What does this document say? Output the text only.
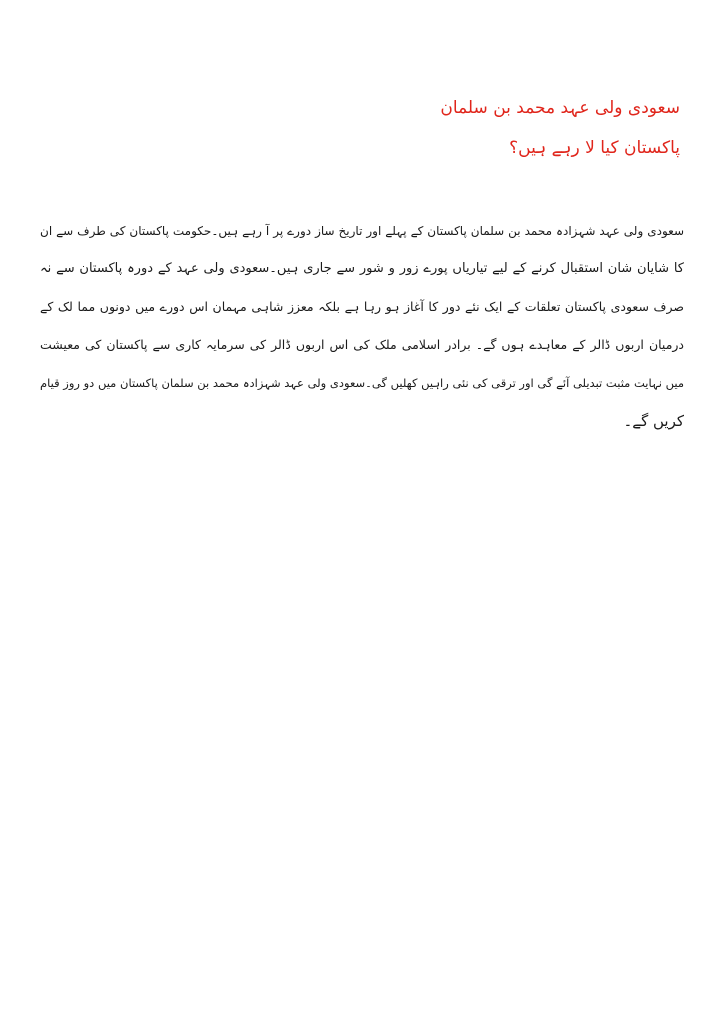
سعودی ولی عہد محمد بن سلمان
پاکستان کیا لا رہے ہیں؟
سعودی ولی عہد شہزادہ محمد بن سلمان پاکستان کے پہلے اور تاریخ ساز دورے پر آ رہے ہیں۔حکومت پاکستان کی طرف سے ان
کا شایان شان استقبال کرنے کے لیے تیاریاں پورے زور و شور سے جاری ہیں۔سعودی ولی عہد کے دورہ پاکستان سے نہ
صرف سعودی پاکستان تعلقات کے ایک نئے دور کا آغاز ہو رہا ہے بلکہ معزز شاہی مہمان اس دورے میں دونوں مما لک کے
درمیان اربوں ڈالر کے معاہدے ہوں گے۔ برادر اسلامی ملک کی اس اربوں ڈالر کی سرمایہ کاری سے پاکستان کی معیشت
میں نہایت مثبت تبدیلی آئے گی اور ترقی کی نئی راہیں کھلیں گی۔سعودی ولی عہد شہزادہ محمد بن سلمان پاکستان میں دو روز قیام
کریں گے۔
